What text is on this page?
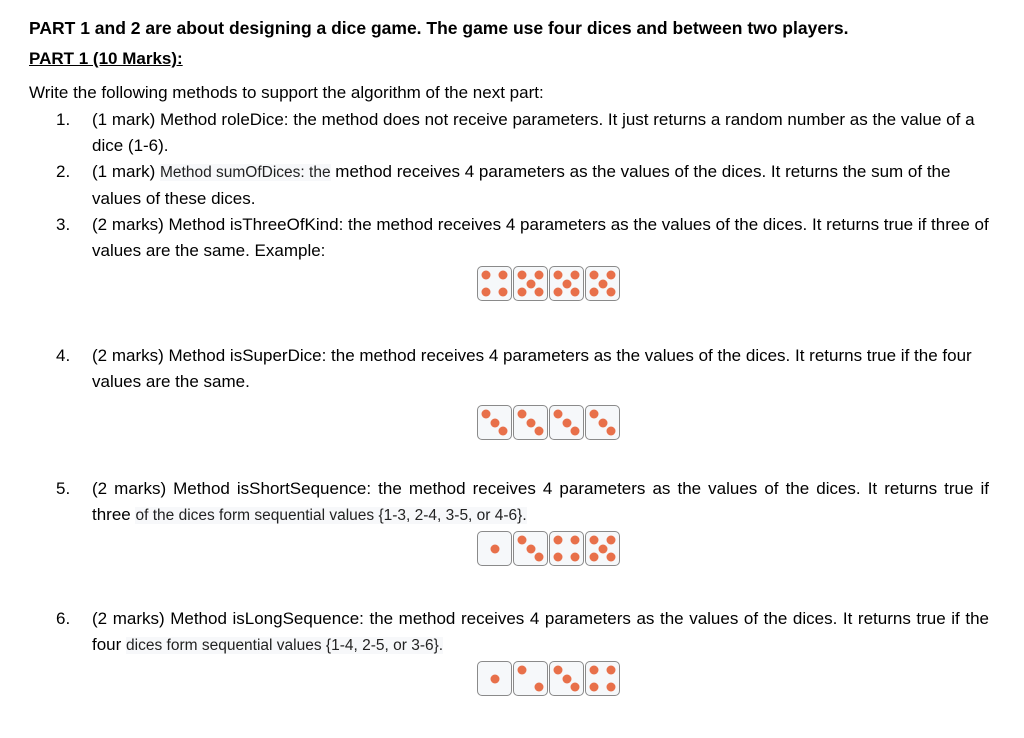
PART 1 and 2 are about designing a dice game. The game use four dices and between two players.
PART 1 (10 Marks):
Write the following methods to support the algorithm of the next part:
1. (1 mark) Method roleDice: the method does not receive parameters. It just returns a random number as the value of a dice (1-6).
2. (1 mark) Method sumOfDices: the method receives 4 parameters as the values of the dices. It returns the sum of the values of these dices.
3. (2 marks) Method isThreeOfKind: the method receives 4 parameters as the values of the dices. It returns true if three of values are the same. Example:
4. (2 marks) Method isSuperDice: the method receives 4 parameters as the values of the dices. It returns true if the four values are the same.
5. (2 marks) Method isShortSequence: the method receives 4 parameters as the values of the dices. It returns true if three of the dices form sequential values {1-3, 2-4, 3-5, or 4-6}.
6. (2 marks) Method isLongSequence: the method receives 4 parameters as the values of the dices. It returns true if the four dices form sequential values {1-4, 2-5, or 3-6}.
